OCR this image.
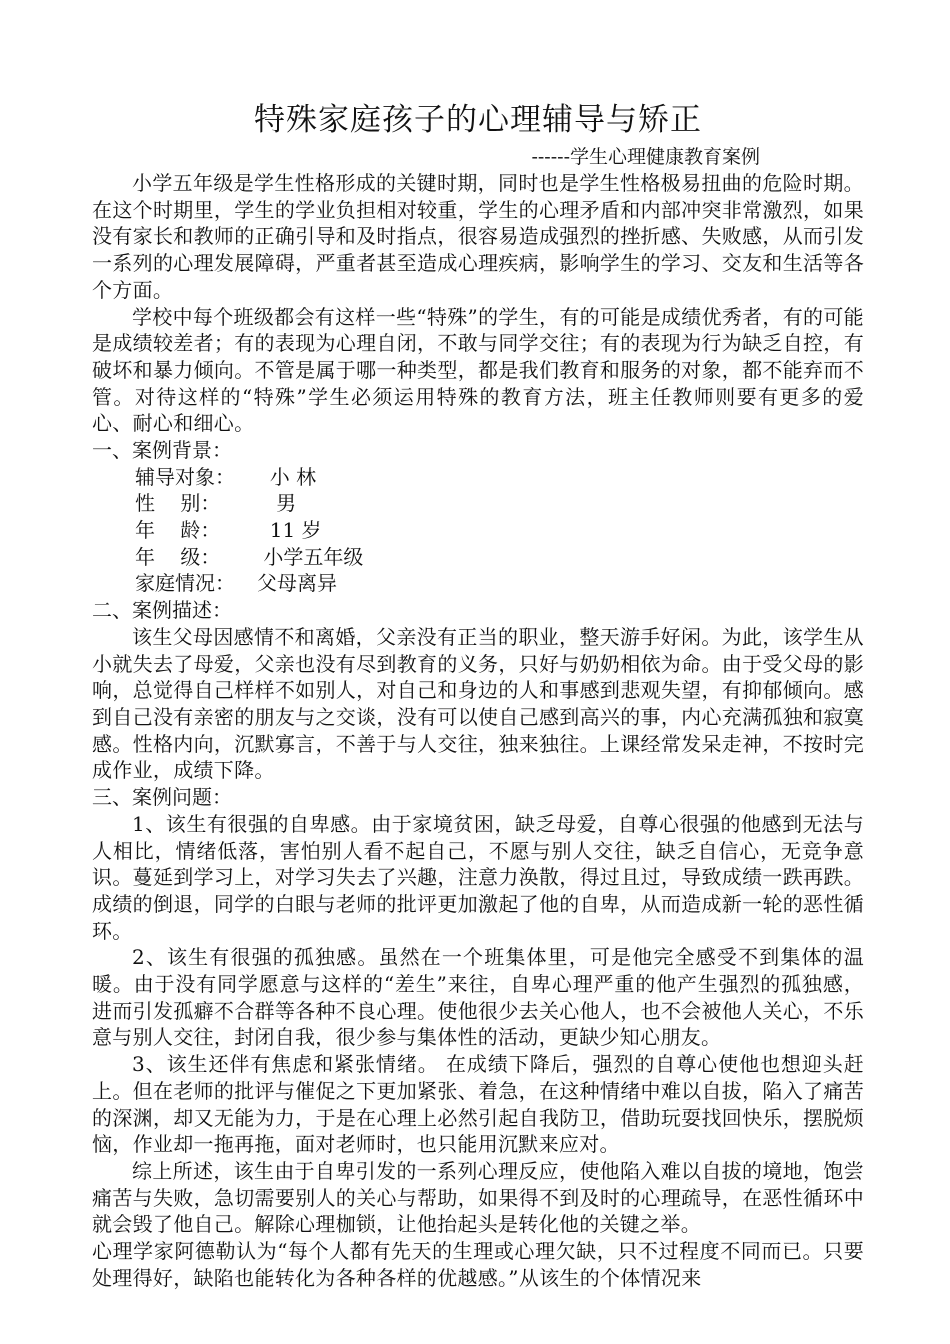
特殊家庭孩子的心理辅导与矫正
------学生心理健康教育案例

小学五年级是学生性格形成的关键时期，同时也是学生性格极易扭曲的危险时期。在这个时期里，学生的学业负担相对较重，学生的心理矛盾和内部冲突非常激烈，如果没有家长和教师的正确引导和及时指点，很容易造成强烈的挫折感、失败感，从而引发一系列的心理发展障碍，严重者甚至造成心理疾病，影响学生的学习、交友和生活等各个方面。

学校中每个班级都会有这样一些“特殊”的学生，有的可能是成绩优秀者，有的可能是成绩较差者；有的表现为心理自闭，不敢与同学交往；有的表现为行为缺乏自控，有破坏和暴力倾向。不管是属于哪一种类型，都是我们教育和服务的对象，都不能弃而不管。对待这样的“特殊”学生必须运用特殊的教育方法，班主任教师则要有更多的爱心、耐心和细心。

一、案例背景：

辅导对象：	小 林
性    别：	男
年    龄：	11 岁
年    级：	小学五年级
家庭情况：	父母离异

二、案例描述：

该生父母因感情不和离婚，父亲没有正当的职业，整天游手好闲。为此，该学生从小就失去了母爱，父亲也没有尽到教育的义务，只好与奶奶相依为命。由于受父母的影响，总觉得自己样样不如别人，对自己和身边的人和事感到悲观失望，有抑郁倾向。感到自己没有亲密的朋友与之交谈，没有可以使自己感到高兴的事，内心充满孤独和寂寞感。性格内向，沉默寡言，不善于与人交往，独来独往。上课经常发呆走神，不按时完成作业，成绩下降。

三、案例问题：

1、该生有很强的自卑感。由于家境贫困，缺乏母爱，自尊心很强的他感到无法与人相比，情绪低落，害怕别人看不起自己，不愿与别人交往，缺乏自信心，无竞争意识。蔓延到学习上，对学习失去了兴趣，注意力涣散，得过且过，导致成绩一跌再跌。成绩的倒退，同学的白眼与老师的批评更加激起了他的自卑，从而造成新一轮的恶性循环。

2、该生有很强的孤独感。虽然在一个班集体里，可是他完全感受不到集体的温暖。由于没有同学愿意与这样的“差生”来往，自卑心理严重的他产生强烈的孤独感，进而引发孤癖不合群等各种不良心理。使他很少去关心他人，也不会被他人关心，不乐意与别人交往，封闭自我，很少参与集体性的活动，更缺少知心朋友。

3、该生还伴有焦虑和紧张情绪。 在成绩下降后，强烈的自尊心使他也想迎头赶上。但在老师的批评与催促之下更加紧张、着急，在这种情绪中难以自拔，陷入了痛苦的深渊，却又无能为力，于是在心理上必然引起自我防卫，借助玩耍找回快乐，摆脱烦恼，作业却一拖再拖，面对老师时，也只能用沉默来应对。

综上所述，该生由于自卑引发的一系列心理反应，使他陷入难以自拔的境地，饱尝痛苦与失败，急切需要别人的关心与帮助，如果得不到及时的心理疏导，在恶性循环中就会毁了他自己。解除心理枷锁，让他抬起头是转化他的关键之举。

心理学家阿德勒认为“每个人都有先天的生理或心理欠缺，只不过程度不同而已。只要处理得好，缺陷也能转化为各种各样的优越感。”从该生的个体情况来
